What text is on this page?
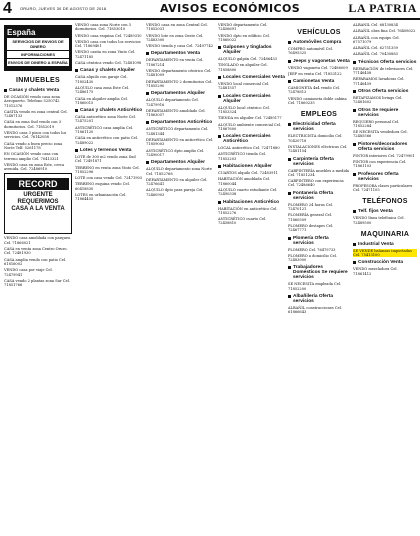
4 ORURO, JUEVES 30 DE AGOSTO DE 2018	AVISOS ECONÓMICOS	LA PATRIA
España
SERVICIOS DE ENVIOS DE DINERO
INFORMACIONES
ENVIOS DE DINERO A ESPAÑA
INMUEBLES
Casas y chalets Venta
DE OCASIÓN vendo casa zona Aeropuerto. Telefono 5250742 71012376
CASITA vendo en zona central Cel. 72487133
CASA en zona Sud vendo con 3 dormitorios. Cel. 71852019
VENDO casa 3 pisos con todos los servicios. Cel. 76142058
CASA vendo a buen precio zona Norte Telf. 5261178
EN OCASIÓN vendo casa con terreno amplio Cel. 70413321
VENDO casa en zona Este, cerca avenida. Cel. 72486910
RECORD
URGENTE
REQUERIMOS
CASA A LA VENTA
VENDO casa amoblada con parqueo. Cel. 71866021
CASA en venta zona Centro Oruro. Cel. 72481930
CASA amplia vendo con patio Cel. 61816002
VENDO casa por viaje Cel. 72479941
CASA vendo 2 plantas zona Sur Cel. 71851766
VENDO casa zona Norte con 3 dormitorios. Cel. 71853010
VENDO casa esquina Cel. 72489310
VENDO casa con todos los servicios Cel. 71869401
VENDO casita en zona Vinto Cel. 72471185
CASA céntrica vendo Cel. 72481098
Casas y chalets Alquiler
CASA alquilo con garaje Cel. 71852430
ALQUILO casa zona Este Cel. 72486175
CASA en alquiler amplia Cel. 71860015
Casas y chalets Anticrético
CASA anticrético zona Norte Cel. 72475201
ANTICRÉTICO casa amplia Cel. 71861120
CASA en anticrético con patio Cel. 72489022
Lotes y terrenos Venta
LOTE de 300 m2 vendo zona Sud Cel. 72491871
TERRENO en venta zona Vinto Cel. 71852296
LOTE con casa vendo Cel. 72471903
TERRENO esquina vendo Cel. 60418830
LOTES en urbanización Cel. 71864455
VENDO casa en zona Central Cel. 71852031
VENDO lote en zona Oeste Cel. 72483300
VENDO tienda y casa Cel. 72497742
Departamentos Venta
DEPARTAMENTO en venta Cel. 71867214
VENDO departamento céntrico Cel. 72481009
DEPARTAMENTO 2 dormitorios Cel. 71855290
Departamentos Alquiler
ALQUILO departamento Cel. 72479916
DEPARTAMENTO amoblado Cel. 71863057
Departamentos Anticrético
ANTICRÉTICO departamento Cel. 72481344
DEPARTAMENTO en anticrético Cel. 71859003
ANTICRÉTICO dpto amplio Cel. 72490017
Departamentos Alquiler
ALQUILO departamento zona Norte Cel. 71852768
DEPARTAMENTO en alquiler Cel. 72476641
ALQUILO dpto para pareja Cel. 72460903
VENDO departamento Cel. 72456691
VENDO dpto en edificio Cel. 71860022
Galpones y tinglados Alquiler
ALQUILO galpón Cel. 72486433
TINGLADO en alquiler Cel. 71858800
Locales Comerciales Venta
VENDO local comercial Cel. 72481557
Locales Comerciales Alquiler
ALQUILO local céntrico Cel. 71853324
TIENDA en alquiler Cel. 72489177
ALQUILO ambiente comercial Cel. 71867600
Locales Comerciales Anticrético
LOCAL anticrético Cel. 72471880
ANTICRÉTICO tienda Cel. 71852203
Habitaciones Alquiler
CUARTOS alquilo Cel. 72483911
HABITACIÓN amoblada Cel. 71860044
ALQUILO cuarto estudiante Cel. 72490338
Habitaciones Anticrético
HABITACIÓN en anticrético Cel. 71852276
ANTICRÉTICO cuarto Cel. 72458810
VEHÍCULOS
Automóviles Compra
COMPRO automóvil Cel. 76495325
Jeeps y vagonetas Venta
VENDO vagoneta Cel. 72486009
JEEP en venta Cel. 71853122
Camionetas Venta
CAMIONETA 4x4 vendo Cel. 72478813
VENDO camioneta doble cabina Cel. 71860235
EMPLEOS
Electricidad Oferta servicios
ELECTRICISTA domicilio Cel. 70420718
INSTALACIONES eléctricas Cel. 72481154
Carpintería Oferta servicios
CARPINTERÍA muebles a medida Cel. 71851234
CARPINTERO con experiencia Cel. 72486640
Fontanería Oferta servicios
PLOMERO 24 horas Cel. 72470121
PLOMERÍA general Cel. 71860509
PLOMERO destapes Cel. 72467771
Plomería Oferta servicios
PLOMERO Cel. 76479733
PLOMERO a domicilio Cel. 72483900
Trabajadores Domésticos Se requiere servicios
SE NECESITA empleada Cel. 71852200
Albañilería Oferta servicios
ALBAÑIL construcciones Cel. 61866643
ALBAÑIL Cel. 68130834
ALBAÑIL obra fina Cel. 76408022
ALBAÑIL con equipo Cel. 67571079
ALBAÑIL Cel. 62751359
ALBAÑIL Cel. 70430883
Técnicos Oferta servicios
REPARACIÓN de televisores Cel. 77146458
REPARAMOS lavadoras Cel. 77146459
Otros Oferta servicios
RETAPIZAMOS livings Cel. 72481602
Otros Se requiere servicios
REQUIERO personal Cel. 71852284
SE NECESITA vendedora Cel. 72485566
Pintores/decoradores Oferta servicios
PINTOR interiores Cel. 72479901
PINTOR con experiencia Cel. 71861103
Profesores Oferta servicios
PROFESORA clases particulares Cel. 72471105
TELÉFONOS
Telf. fijos Venta
VENDO línea telefónica Cel. 72489500
MAQUINARIA
Industrial Venta
SE VENDE balanzas importadas Cel. 75413100
Construcción Venta
VENDO mezcladora Cel. 71861412
